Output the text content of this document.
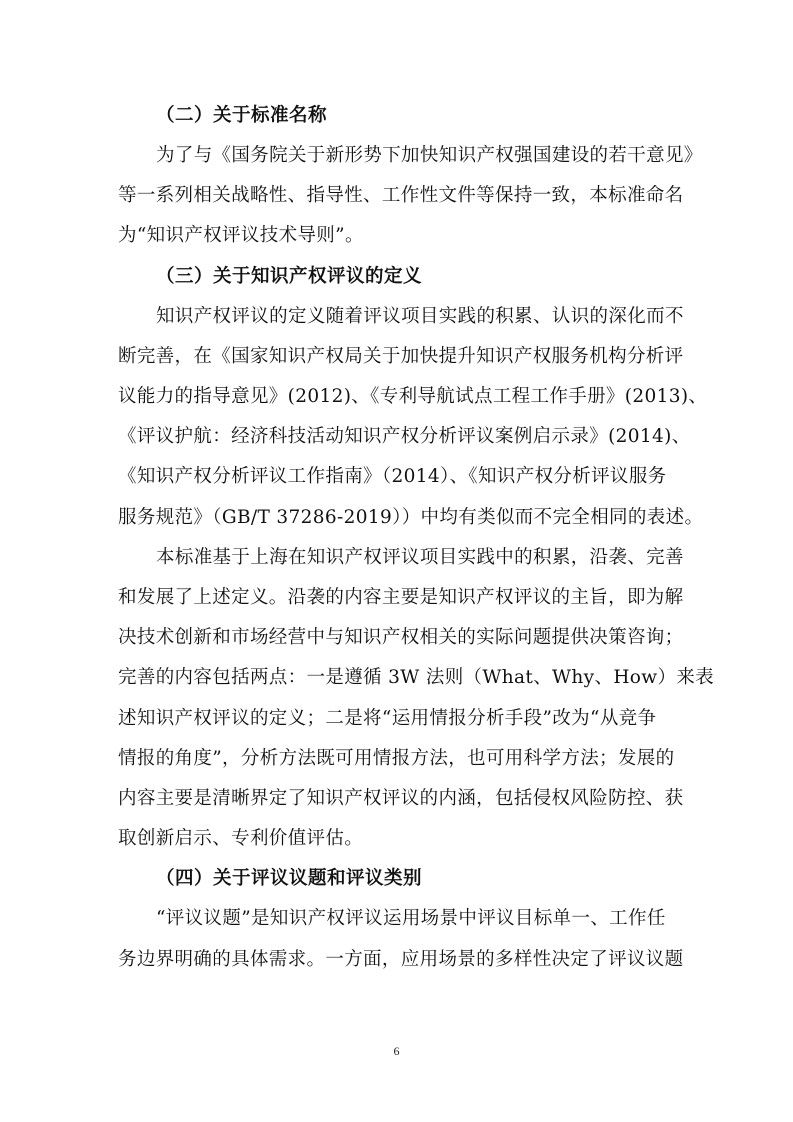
（二）关于标准名称
为了与《国务院关于新形势下加快知识产权强国建设的若干意见》
等一系列相关战略性、指导性、工作性文件等保持一致，本标准命名
为“知识产权评议技术导则”。
（三）关于知识产权评议的定义
知识产权评议的定义随着评议项目实践的积累、认识的深化而不
断完善，在《国家知识产权局关于加快提升知识产权服务机构分析评
议能力的指导意见》(2012)、《专利导航试点工程工作手册》(2013)、
《评议护航：经济科技活动知识产权分析评议案例启示录》(2014)、
《知识产权分析评议工作指南》（2014）、《知识产权分析评议服务
服务规范》（GB/T 37286-2019））中均有类似而不完全相同的表述。
本标准基于上海在知识产权评议项目实践中的积累，沿袭、完善
和发展了上述定义。沿袭的内容主要是知识产权评议的主旨，即为解
决技术创新和市场经营中与知识产权相关的实际问题提供决策咨询；
完善的内容包括两点：一是遵循 3W 法则（What、Why、How）来表
述知识产权评议的定义；二是将“运用情报分析手段”改为“从竞争
情报的角度”，分析方法既可用情报方法，也可用科学方法；发展的
内容主要是清晰界定了知识产权评议的内涵，包括侵权风险防控、获
取创新启示、专利价值评估。
（四）关于评议议题和评议类别
“评议议题”是知识产权评议运用场景中评议目标单一、工作任
务边界明确的具体需求。一方面，应用场景的多样性决定了评议议题
6
